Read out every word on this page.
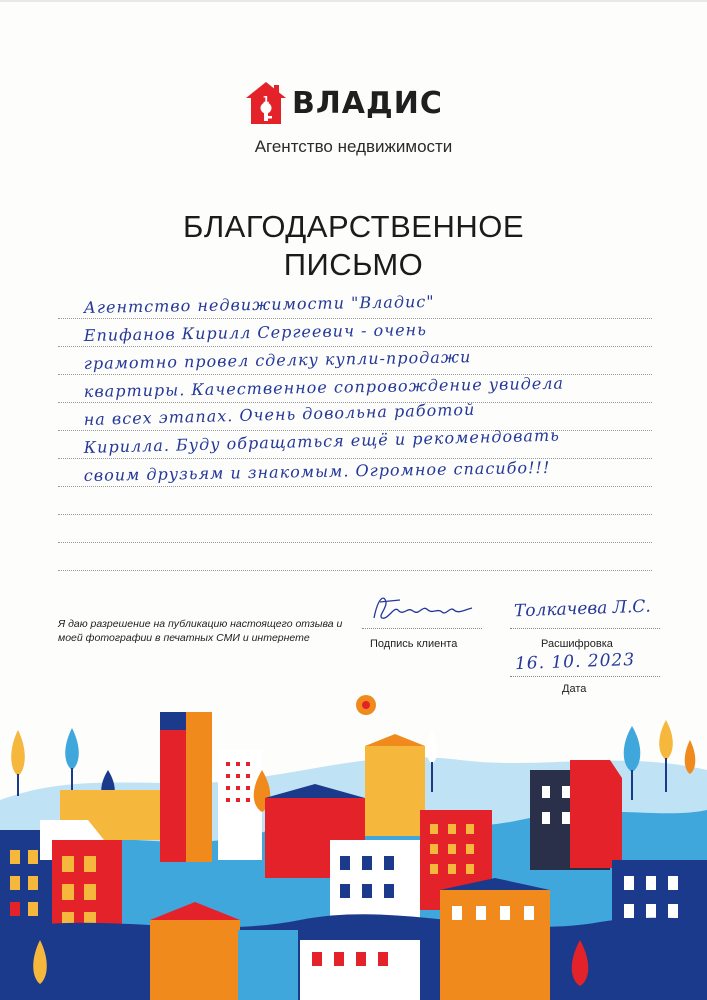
1 ВЛАДИС
Агентство недвижимости
БЛАГОДАРСТВЕННОЕ
ПИСЬМО
Агентство недвижимости "Владис"
Епифанов Кирилл Сергеевич - очень
грамотно провел сделку купли-продажи
квартиры. Качественное сопровождение увидела
на всех этапах. Очень довольна работой
Кирилла. Буду обращаться ещё и рекомендовать
своим друзьям и знакомым. Огромное спасибо!!!
Я даю разрешение на публикацию настоящего отзыва и моей фотографии в печатных СМИ и интернете	Подпись клиента
Толкачева Л.С.
Расшифровка
16. 10. 2023
Дата
